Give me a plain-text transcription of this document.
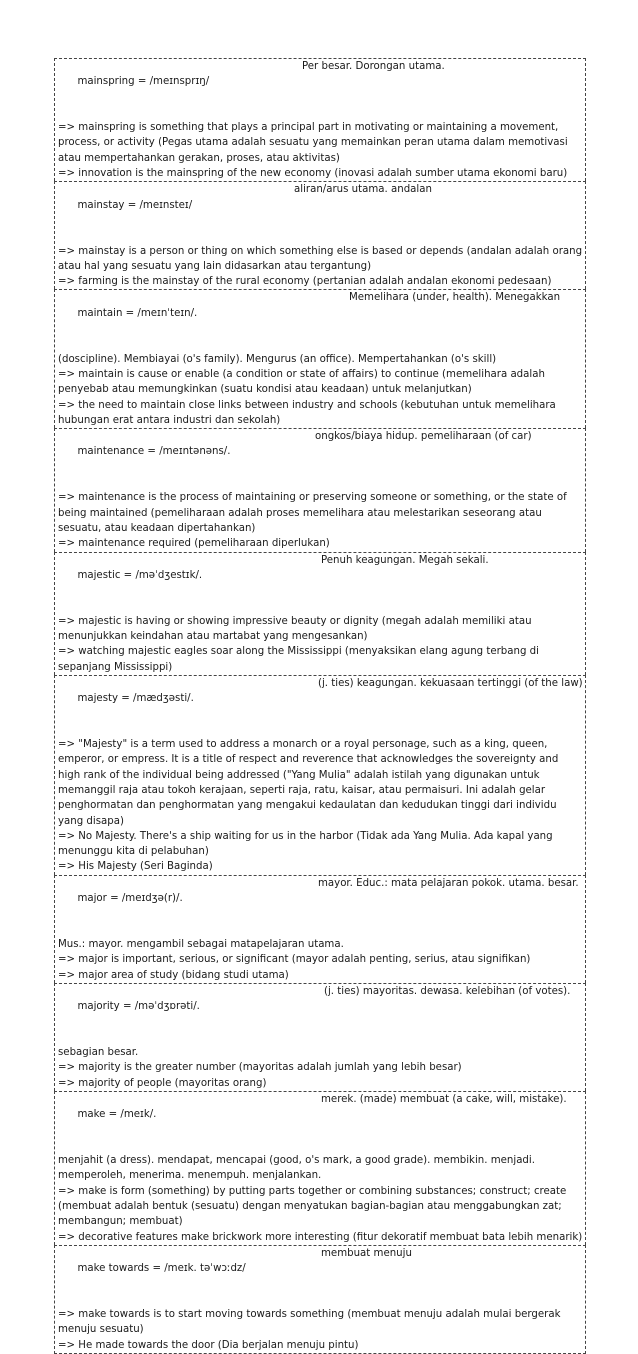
mainspring = /meɪnsprɪŋ/

Per besar. Dorongan utama.

=> mainspring is something that plays a principal part in motivating or maintaining a movement, process, or activity (Pegas utama adalah sesuatu yang memainkan peran utama dalam memotivasi atau mempertahankan gerakan, proses, atau aktivitas)
=> innovation is the mainspring of the new economy (inovasi adalah sumber utama ekonomi baru)

mainstay = /meɪnsteɪ/

aliran/arus utama. andalan

=> mainstay is a person or thing on which something else is based or depends (andalan adalah orang atau hal yang sesuatu yang lain didasarkan atau tergantung)
=> farming is the mainstay of the rural economy (pertanian adalah andalan ekonomi pedesaan)

maintain = /meɪnˈteɪn/.

Memelihara (under, health). Menegakkan

(doscipline). Membiayai (o's family). Mengurus (an office). Mempertahankan (o's skill)
=> maintain is cause or enable (a condition or state of affairs) to continue (memelihara adalah penyebab atau memungkinkan (suatu kondisi atau keadaan) untuk melanjutkan)
=> the need to maintain close links between industry and schools (kebutuhan untuk memelihara hubungan erat antara industri dan sekolah)

maintenance = /meɪntənəns/.

ongkos/biaya hidup. pemeliharaan (of car)

=> maintenance is the process of maintaining or preserving someone or something, or the state of being maintained (pemeliharaan adalah proses memelihara atau melestarikan seseorang atau sesuatu, atau keadaan dipertahankan)
=> maintenance required (pemeliharaan diperlukan)

majestic = /məˈdʒestɪk/.

Penuh keagungan. Megah sekali.

=> majestic is having or showing impressive beauty or dignity (megah adalah memiliki atau menunjukkan keindahan atau martabat yang mengesankan)
=> watching majestic eagles soar along the Mississippi (menyaksikan elang agung terbang di sepanjang Mississippi)

majesty = /mædʒəsti/.

(j. ties) keagungan. kekuasaan tertinggi (of the law)

=> "Majesty" is a term used to address a monarch or a royal personage, such as a king, queen, emperor, or empress. It is a title of respect and reverence that acknowledges the sovereignty and high rank of the individual being addressed ("Yang Mulia" adalah istilah yang digunakan untuk memanggil raja atau tokoh kerajaan, seperti raja, ratu, kaisar, atau permaisuri. Ini adalah gelar penghormatan dan penghormatan yang mengakui kedaulatan dan kedudukan tinggi dari individu yang disapa)
=> No Majesty. There's a ship waiting for us in the harbor (Tidak ada Yang Mulia. Ada kapal yang menunggu kita di pelabuhan)
=> His Majesty (Seri Baginda)

major = /meɪdʒə(r)/.

mayor. Educ.: mata pelajaran pokok. utama. besar.

Mus.: mayor. mengambil sebagai matapelajaran utama.
=> major is important, serious, or significant (mayor adalah penting, serius, atau signifikan)
=> major area of study (bidang studi utama)

majority = /məˈdʒɒrəti/.

(j. ties) mayoritas. dewasa. kelebihan (of votes).

sebagian besar.
=> majority is the greater number (mayoritas adalah jumlah yang lebih besar)
=> majority of people (mayoritas orang)

make = /meɪk/.

merek. (made) membuat (a cake, will, mistake).

menjahit (a dress). mendapat, mencapai (good, o's mark, a good grade). membikin. menjadi. memperoleh, menerima. menempuh. menjalankan.
=> make is form (something) by putting parts together or combining substances; construct; create (membuat adalah bentuk (sesuatu) dengan menyatukan bagian-bagian atau menggabungkan zat; membangun; membuat)
=> decorative features make brickwork more interesting (fitur dekoratif membuat bata lebih menarik)

make towards = /meɪk. təˈwɔːdz/

membuat menuju

=> make towards is to start moving towards something (membuat menuju adalah mulai bergerak menuju sesuatu)
=> He made towards the door (Dia berjalan menuju pintu)
